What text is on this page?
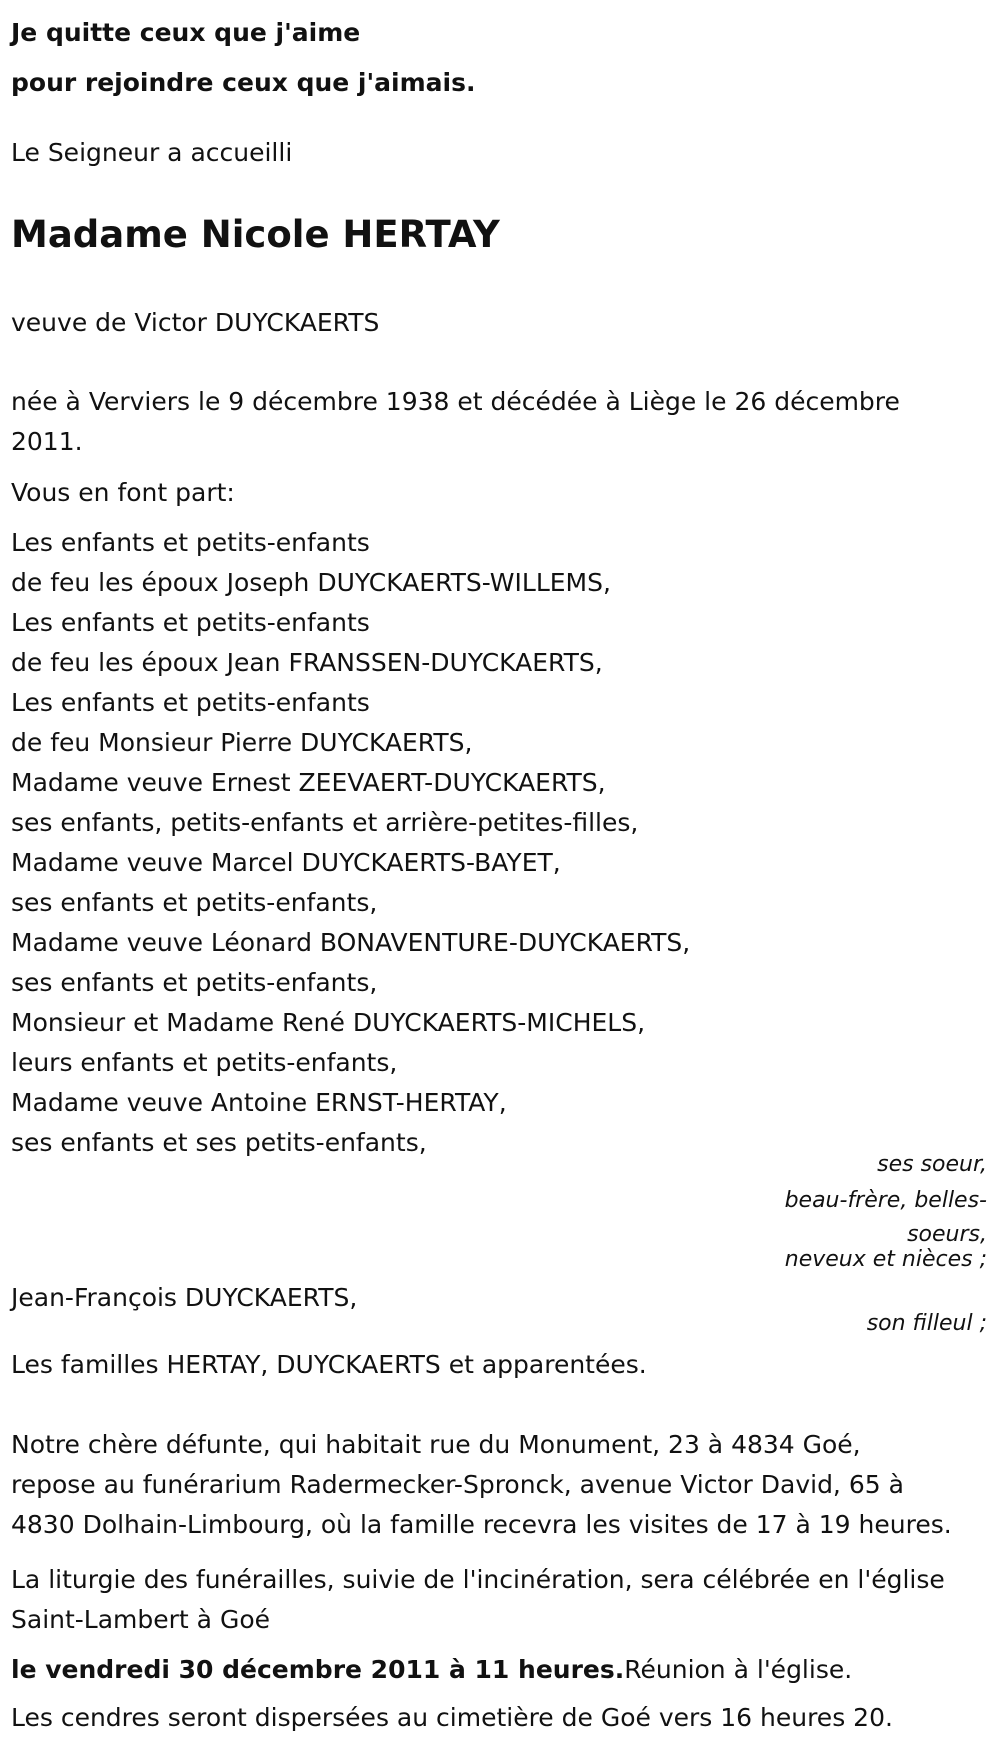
Je quitte ceux que j'aime
pour rejoindre ceux que j'aimais.
Le Seigneur a accueilli
Madame Nicole HERTAY
veuve de Victor DUYCKAERTS
née à Verviers le 9 décembre 1938 et décédée à Liège le 26 décembre
2011.
Vous en font part:
Les enfants et petits-enfants
de feu les époux Joseph DUYCKAERTS-WILLEMS,
Les enfants et petits-enfants
de feu les époux Jean FRANSSEN-DUYCKAERTS,
Les enfants et petits-enfants
de feu Monsieur Pierre DUYCKAERTS,
Madame veuve Ernest ZEEVAERT-DUYCKAERTS,
ses enfants, petits-enfants et arrière-petites-filles,
Madame veuve Marcel DUYCKAERTS-BAYET,
ses enfants et petits-enfants,
Madame veuve Léonard BONAVENTURE-DUYCKAERTS,
ses enfants et petits-enfants,
Monsieur et Madame René DUYCKAERTS-MICHELS,
leurs enfants et petits-enfants,
Madame veuve Antoine ERNST-HERTAY,
ses enfants et ses petits-enfants,
ses soeur,
beau-frère, belles-
soeurs,
neveux et nièces ;
Jean-François DUYCKAERTS,
son filleul ;
Les familles HERTAY, DUYCKAERTS et apparentées.
Notre chère défunte, qui habitait rue du Monument, 23 à 4834 Goé,
repose au funérarium Radermecker-Spronck, avenue Victor David, 65 à
4830 Dolhain-Limbourg, où la famille recevra les visites de 17 à 19 heures.
La liturgie des funérailles, suivie de l'incinération, sera célébrée en l'église
Saint-Lambert à Goé
le vendredi 30 décembre 2011 à 11 heures.Réunion à l'église.
Les cendres seront dispersées au cimetière de Goé vers 16 heures 20.
